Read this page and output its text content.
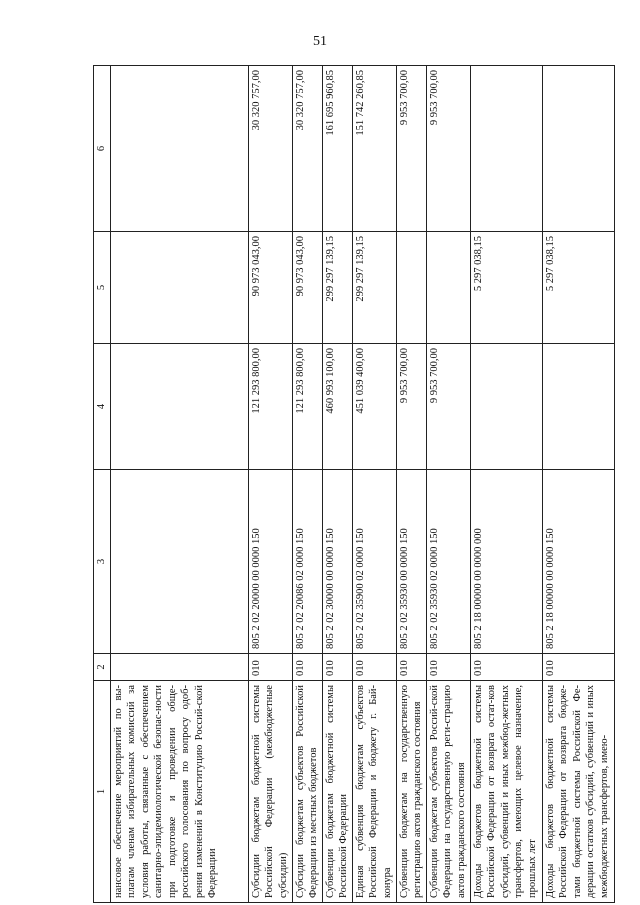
51
1	2	3	4	5	6
нансовое обеспечение мероприятий по вы-платам членам избирательных комиссий за условия работы, связанные с обеспечением санитарно-эпидемиологической безопас-ности при подготовке и проведении обще-российского голосования по вопросу одоб-рения изменений в Конституцию Россий-ской Федерации					
Субсидии бюджетам бюджетной системы Российской Федерации (межбюджетные субсидии)	010	805 2 02 20000 00 0000 150	121 293 800,00	90 973 043,00	30 320 757,00
Субсидии бюджетам субъектов Российской Федерации из местных бюджетов	010	805 2 02 20086 02 0000 150	121 293 800,00	90 973 043,00	30 320 757,00
Субвенции бюджетам бюджетной системы Российской Федерации	010	805 2 02 30000 00 0000 150	460 993 100,00	299 297 139,15	161 695 960,85
Единая субвенция бюджетам субъектов Российской Федерации и бюджету г. Бай-конура	010	805 2 02 35900 02 0000 150	451 039 400,00	299 297 139,15	151 742 260,85
Субвенции бюджетам на государственную регистрацию актов гражданского состояния	010	805 2 02 35930 00 0000 150	9 953 700,00		9 953 700,00
Субвенции бюджетам субъектов Россий-ской Федерации на государственную реги-страцию актов гражданского состояния	010	805 2 02 35930 02 0000 150	9 953 700,00		9 953 700,00
Доходы бюджетов бюджетной системы Российской Федерации от возврата остат-ков субсидий, субвенций и иных межбюд-жетных трансфертов, имеющих целевое назначение, прошлых лет	010	805 2 18 00000 00 0000 000		5 297 038,15	
Доходы бюджетов бюджетной системы Российской Федерации от возврата бюдже-тами бюджетной системы Российской Фе-дерации остатков субсидий, субвенций и иных межбюджетных трансфертов, имею-	010	805 2 18 00000 00 0000 150		5 297 038,15	
